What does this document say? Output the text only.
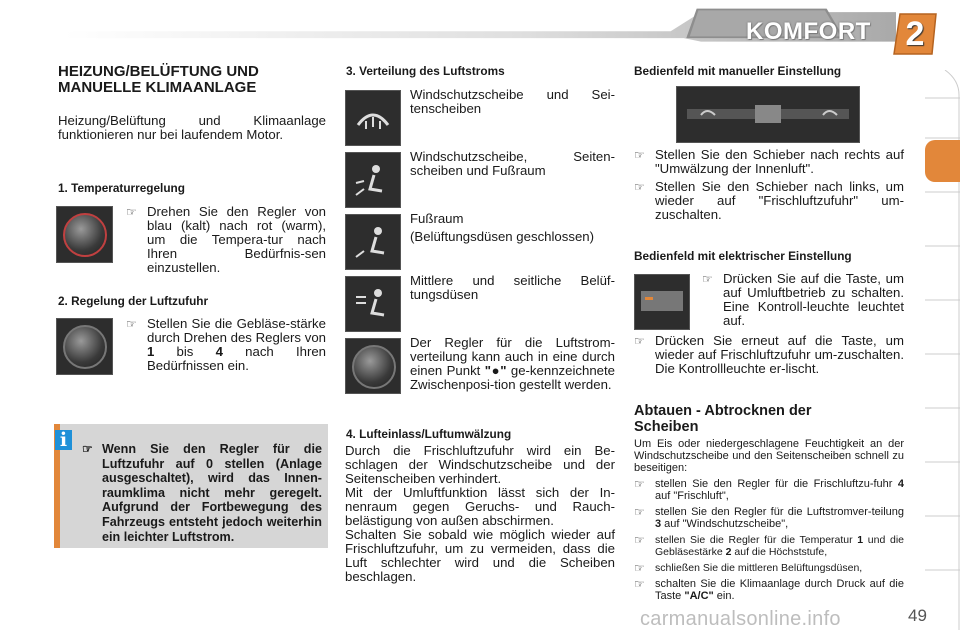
KOMFORT	2
HEIZUNG/BELÜFTUNG UND
MANUELLE KLIMAANLAGE
Heizung/Belüftung und Klimaanlage funktionieren nur bei laufendem Motor.
1. Temperaturregelung
☞ Drehen Sie den Regler von blau (kalt) nach rot (warm), um die Tempera-tur nach Ihren Bedürfnis-sen einzustellen.
2. Regelung der Luftzufuhr
☞ Stellen Sie die Gebläse-stärke durch Drehen des Reglers von 1 bis 4 nach Ihren Bedürfnissen ein.
i	☞ Wenn Sie den Regler für die Luftzufuhr auf 0 stellen (Anlage ausgeschaltet), wird das Innen-raumklima nicht mehr geregelt. Aufgrund der Fortbewegung des Fahrzeugs entsteht jedoch weiterhin ein leichter Luftstrom.
3. Verteilung des Luftstroms
Windschutzscheibe und Sei-tenscheiben
Windschutzscheibe, Seiten-scheiben und Fußraum
Fußraum
(Belüftungsdüsen geschlossen)
Mittlere und seitliche Belüf-tungsdüsen
Der Regler für die Luftstrom-verteilung kann auch in eine durch einen Punkt "●" ge-kennzeichnete Zwischenposi-tion gestellt werden.
4. Lufteinlass/Luftumwälzung
Durch die Frischluftzufuhr wird ein Be-schlagen der Windschutzscheibe und der Seitenscheiben verhindert.
Mit der Umluftfunktion lässt sich der In-nenraum gegen Geruchs- und Rauch-belästigung von außen abschirmen.
Schalten Sie sobald wie möglich wieder auf Frischluftzufuhr, um zu vermeiden, dass die Luft schlechter wird und die Scheiben beschlagen.
Bedienfeld mit manueller Einstellung
☞ Stellen Sie den Schieber nach rechts auf "Umwälzung der Innenluft".
☞ Stellen Sie den Schieber nach links, um wieder auf "Frischluftzufuhr" um-zuschalten.
Bedienfeld mit elektrischer Einstellung
☞ Drücken Sie auf die Taste, um auf Umluftbetrieb zu schalten. Eine Kontroll-leuchte leuchtet auf.
☞ Drücken Sie erneut auf die Taste, um wieder auf Frischluftzufuhr um-zuschalten. Die Kontrollleuchte er-lischt.
Abtauen - Abtrocknen der
Scheiben
Um Eis oder niedergeschlagene Feuchtigkeit an der Windschutzscheibe und den Seitenscheiben schnell zu beseitigen:
☞ stellen Sie den Regler für die Frischluftzu-fuhr 4 auf "Frischluft",
☞ stellen Sie den Regler für die Luftstromver-teilung 3 auf "Windschutzscheibe",
☞ stellen Sie die Regler für die Temperatur 1 und die Gebläsestärke 2 auf die Höchststufe,
☞ schließen Sie die mittleren Belüftungsdüsen,
☞ schalten Sie die Klimaanlage durch Druck auf die Taste "A/C" ein.
carmanualsonline.info	49
